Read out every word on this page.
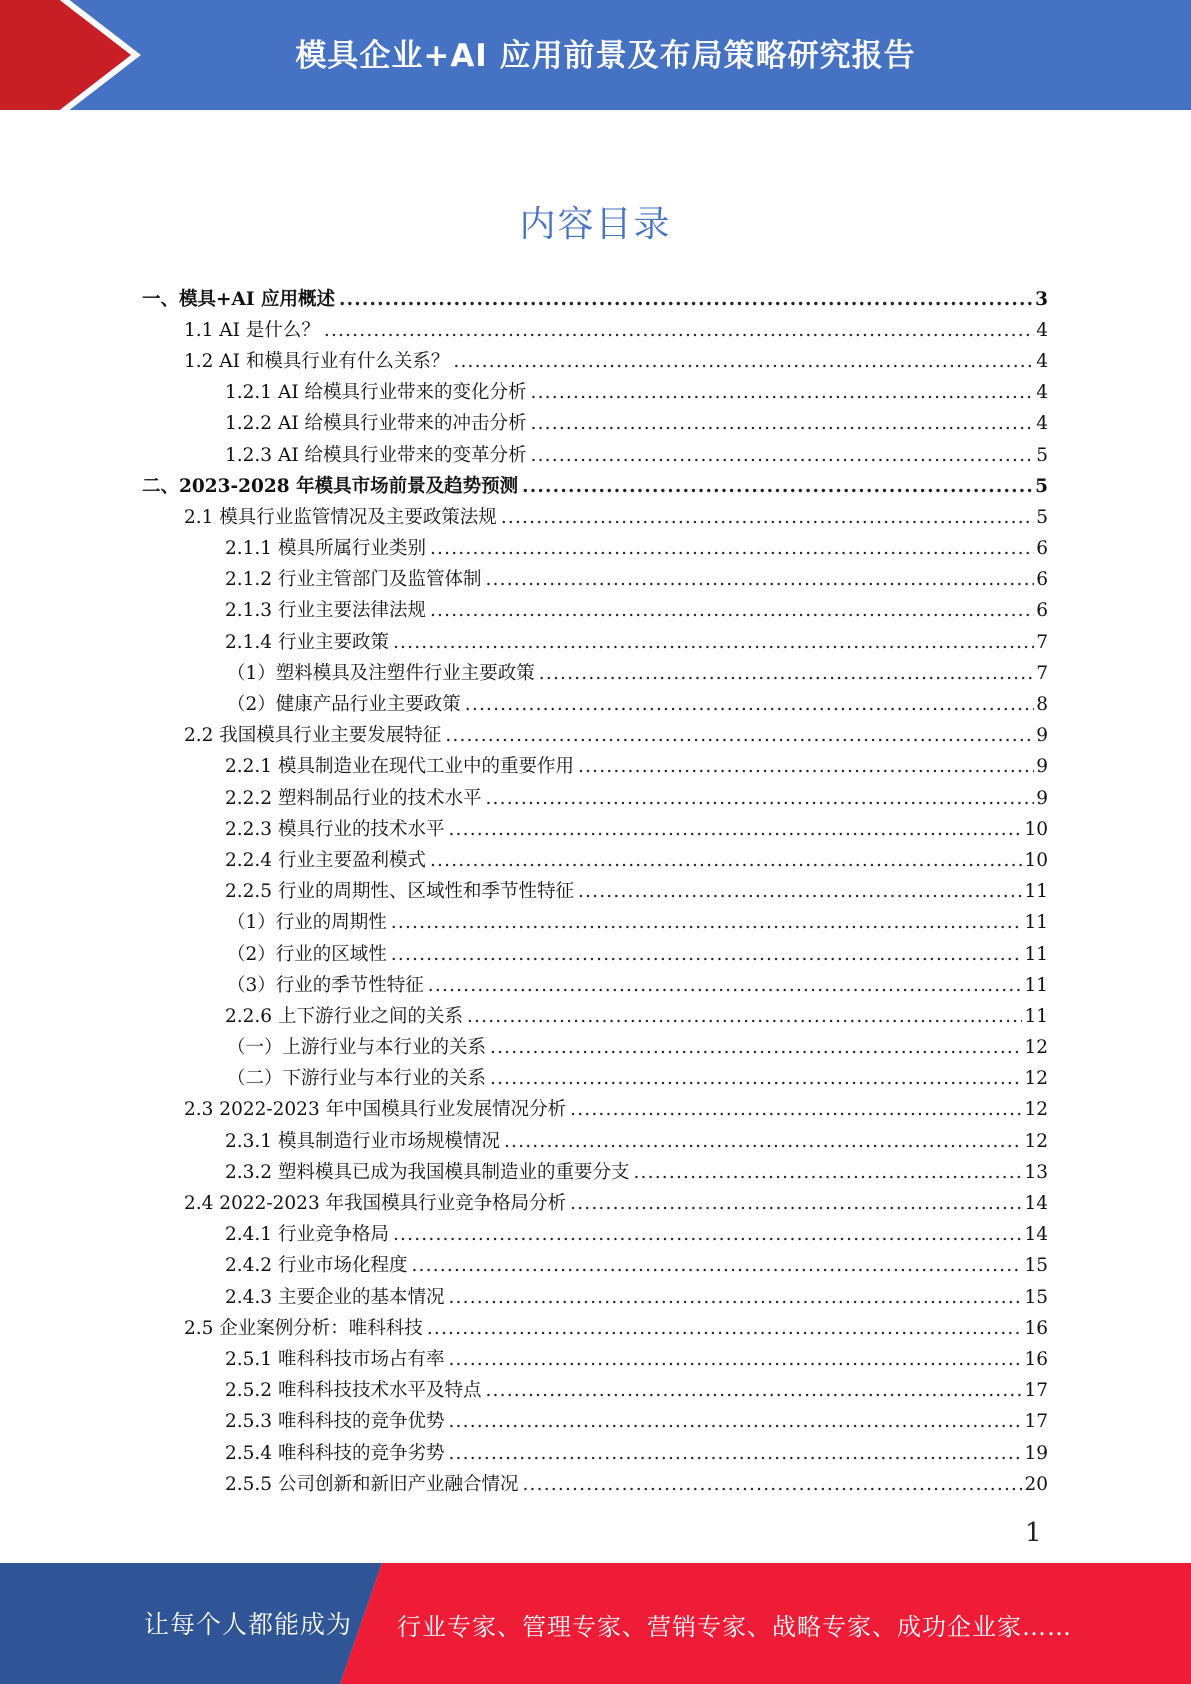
模具企业+AI 应用前景及布局策略研究报告
内容目录
一、模具+AI 应用概述 .....	3
1.1 AI 是什么？ .....	4
1.2 AI 和模具行业有什么关系？ .....	4
1.2.1 AI 给模具行业带来的变化分析 .....	4
1.2.2 AI 给模具行业带来的冲击分析 .....	4
1.2.3 AI 给模具行业带来的变革分析 .....	5
二、2023-2028 年模具市场前景及趋势预测 .....	5
2.1 模具行业监管情况及主要政策法规 .....	5
2.1.1 模具所属行业类别 .....	6
2.1.2 行业主管部门及监管体制 .....	6
2.1.3 行业主要法律法规 .....	6
2.1.4 行业主要政策 .....	7
（1）塑料模具及注塑件行业主要政策 .....	7
（2）健康产品行业主要政策 .....	8
2.2 我国模具行业主要发展特征 .....	9
2.2.1 模具制造业在现代工业中的重要作用 .....	9
2.2.2 塑料制品行业的技术水平 .....	9
2.2.3 模具行业的技术水平 .....	10
2.2.4 行业主要盈利模式 .....	10
2.2.5 行业的周期性、区域性和季节性特征 .....	11
（1）行业的周期性 .....	11
（2）行业的区域性 .....	11
（3）行业的季节性特征 .....	11
2.2.6 上下游行业之间的关系 .....	11
（一）上游行业与本行业的关系 .....	12
（二）下游行业与本行业的关系 .....	12
2.3 2022-2023 年中国模具行业发展情况分析 .....	12
2.3.1 模具制造行业市场规模情况 .....	12
2.3.2 塑料模具已成为我国模具制造业的重要分支 .....	13
2.4 2022-2023 年我国模具行业竞争格局分析 .....	14
2.4.1 行业竞争格局 .....	14
2.4.2 行业市场化程度 .....	15
2.4.3 主要企业的基本情况 .....	15
2.5 企业案例分析：唯科科技 .....	16
2.5.1 唯科科技市场占有率 .....	16
2.5.2 唯科科技技术水平及特点 .....	17
2.5.3 唯科科技的竞争优势 .....	17
2.5.4 唯科科技的竞争劣势 .....	19
2.5.5 公司创新和新旧产业融合情况 .....	20
1
让每个人都能成为 行业专家、管理专家、营销专家、战略专家、成功企业家……
